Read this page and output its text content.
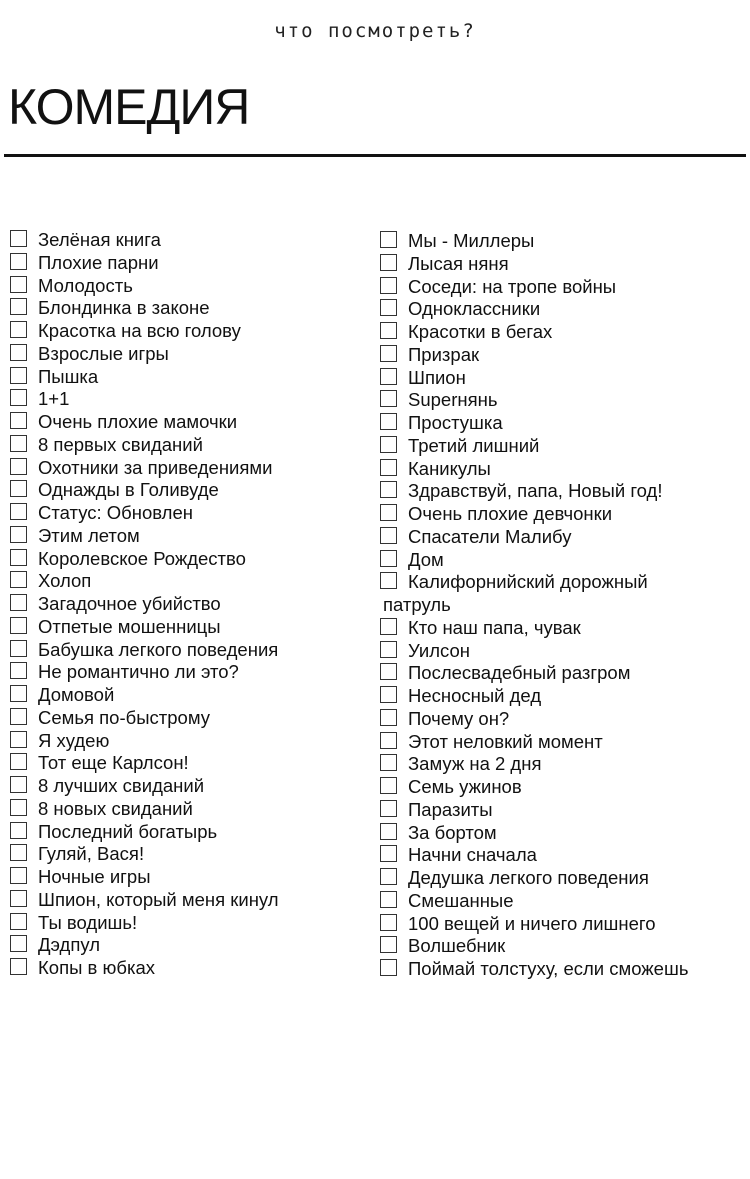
что посмотреть?
КОМЕДИЯ
Зелёная книга
Плохие парни
Молодость
Блондинка в законе
Красотка на всю голову
Взрослые игры
Пышка
1+1
Очень плохие мамочки
8 первых свиданий
Охотники за приведениями
Однажды в Голивуде
Статус: Обновлен
Этим летом
Королевское Рождество
Холоп
Загадочное убийство
Отпетые мошенницы
Бабушка легкого поведения
Не романтично ли это?
Домовой
Семья по-быстрому
Я худею
Тот еще Карлсон!
8 лучших свиданий
8 новых свиданий
Последний богатырь
Гуляй, Вася!
Ночные игры
Шпион, который меня кинул
Ты водишь!
Дэдпул
Копы в юбках
Мы - Миллеры
Лысая няня
Соседи: на тропе войны
Одноклассники
Красотки в бегах
Призрак
Шпион
Superнянь
Простушка
Третий лишний
Каникулы
Здравствуй, папа, Новый год!
Очень плохие девчонки
Спасатели Малибу
Дом
Калифорнийский дорожный
патруль
Кто наш папа, чувак
Уилсон
Послесвадебный разгром
Несносный дед
Почему он?
Этот неловкий момент
Замуж на 2 дня
Семь ужинов
Паразиты
За бортом
Начни сначала
Дедушка легкого поведения
Смешанные
100 вещей и ничего лишнего
Волшебник
Поймай толстуху, если сможешь
